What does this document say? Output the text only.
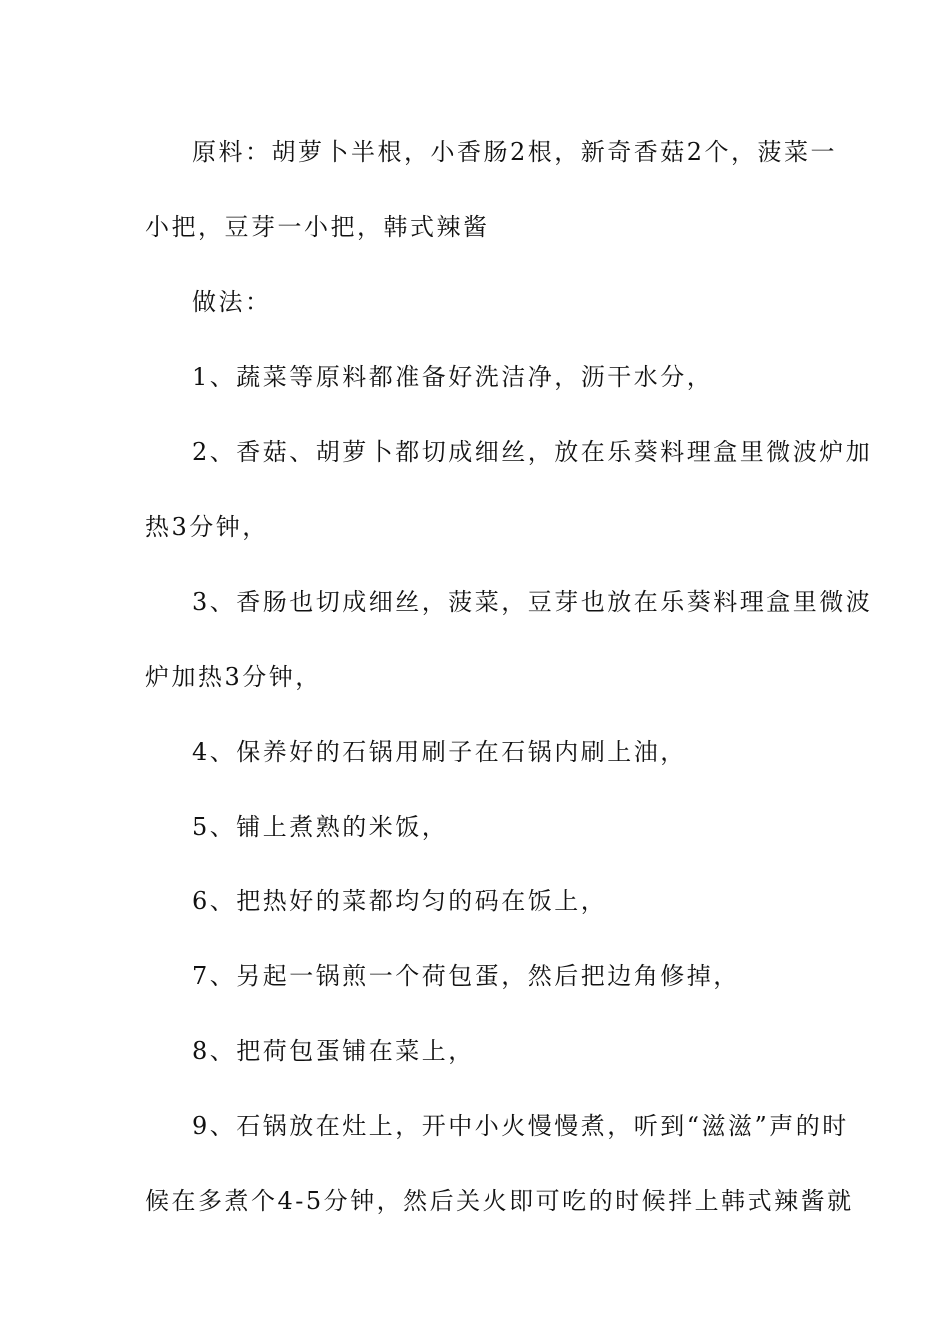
原料：胡萝卜半根，小香肠2根，新奇香菇2个，菠菜一
小把，豆芽一小把，韩式辣酱
做法：
1、蔬菜等原料都准备好洗洁净，沥干水分，
2、香菇、胡萝卜都切成细丝，放在乐葵料理盒里微波炉加
热3分钟，
3、香肠也切成细丝，菠菜，豆芽也放在乐葵料理盒里微波
炉加热3分钟，
4、保养好的石锅用刷子在石锅内刷上油，
5、铺上煮熟的米饭，
6、把热好的菜都均匀的码在饭上，
7、另起一锅煎一个荷包蛋，然后把边角修掉，
8、把荷包蛋铺在菜上，
9、石锅放在灶上，开中小火慢慢煮，听到“滋滋”声的时
候在多煮个4-5分钟，然后关火即可吃的时候拌上韩式辣酱就
